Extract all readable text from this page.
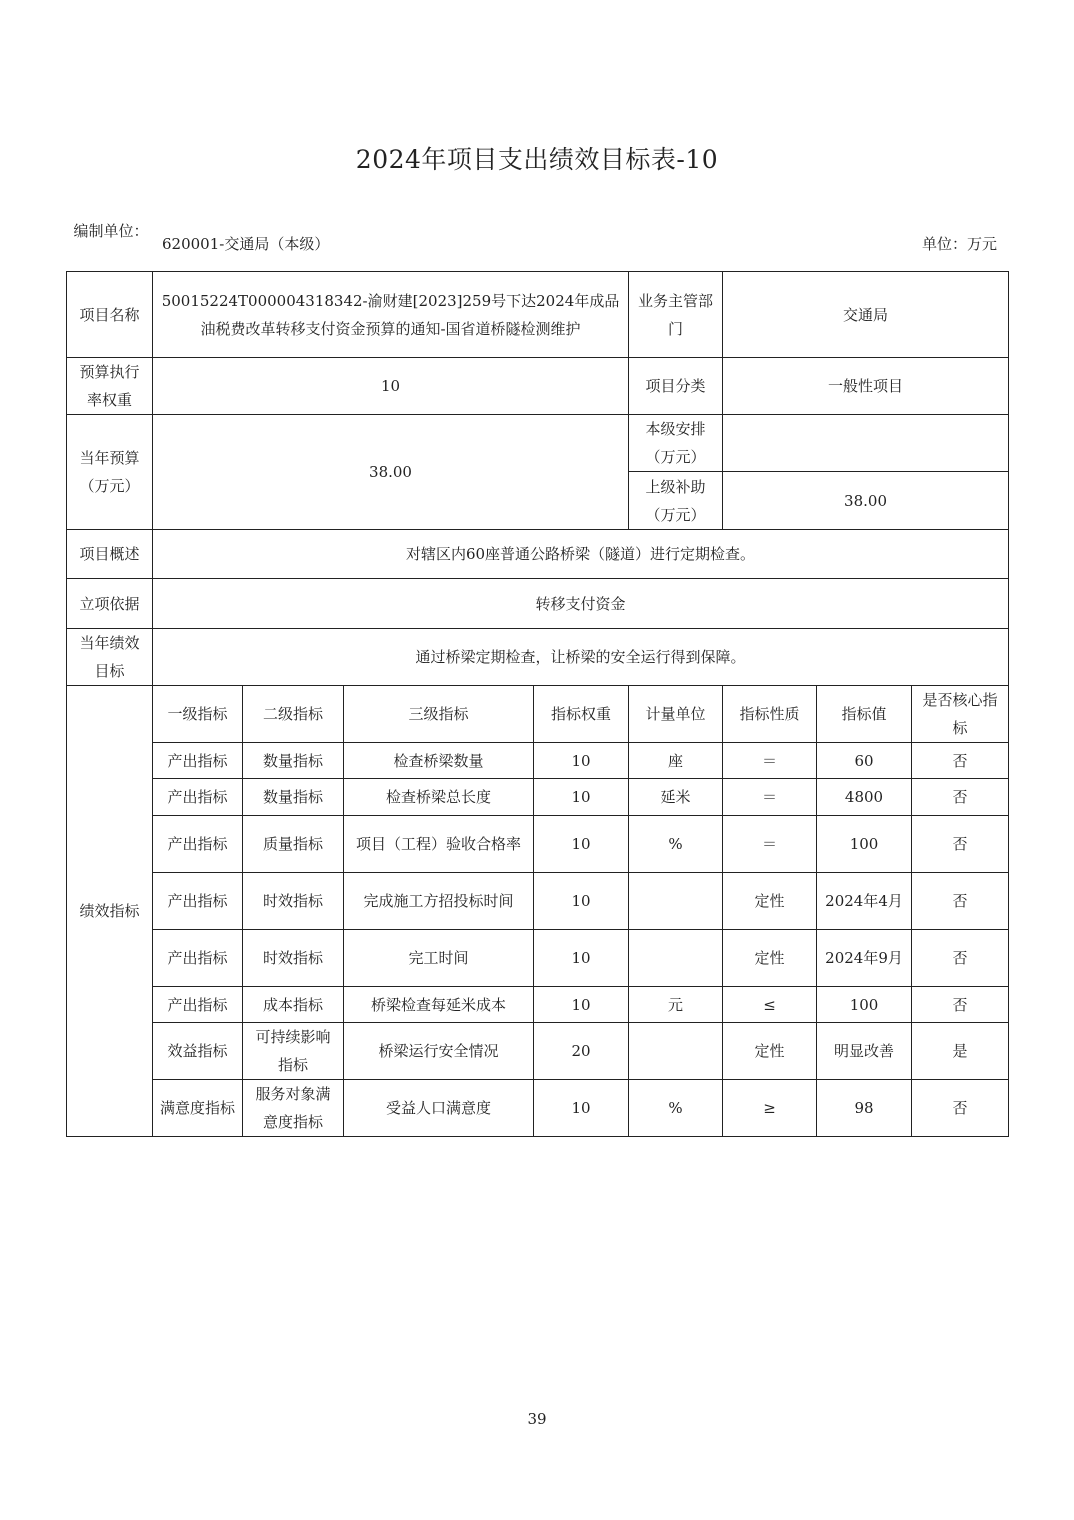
2024年项目支出绩效目标表-10
编制单位：
620001-交通局（本级）	单位：万元
项目名称	50015224T000004318342-渝财建[2023]259号下达2024年成品油税费改革转移支付资金预算的通知-国省道桥隧检测维护				业务主管部门	交通局		
预算执行率权重	10				项目分类	一般性项目		
当年预算（万元）	38.00				本级安排（万元）			
					上级补助（万元）	38.00		
项目概述	对辖区内60座普通公路桥梁（隧道）进行定期检查。							
立项依据	转移支付资金							
当年绩效目标	通过桥梁定期检查，让桥梁的安全运行得到保障。							
绩效指标	一级指标	二级指标	三级指标	指标权重	计量单位	指标性质	指标值	是否核心指标
	产出指标	数量指标	检查桥梁数量	10	座	＝	60	否
	产出指标	数量指标	检查桥梁总长度	10	延米	＝	4800	否
	产出指标	质量指标	项目（工程）验收合格率	10	%	＝	100	否
	产出指标	时效指标	完成施工方招投标时间	10		定性	2024年4月	否
	产出指标	时效指标	完工时间	10		定性	2024年9月	否
	产出指标	成本指标	桥梁检查每延米成本	10	元	≤	100	否
	效益指标	可持续影响指标	桥梁运行安全情况	20		定性	明显改善	是
	满意度指标	服务对象满意度指标	受益人口满意度	10	%	≥	98	否
39
